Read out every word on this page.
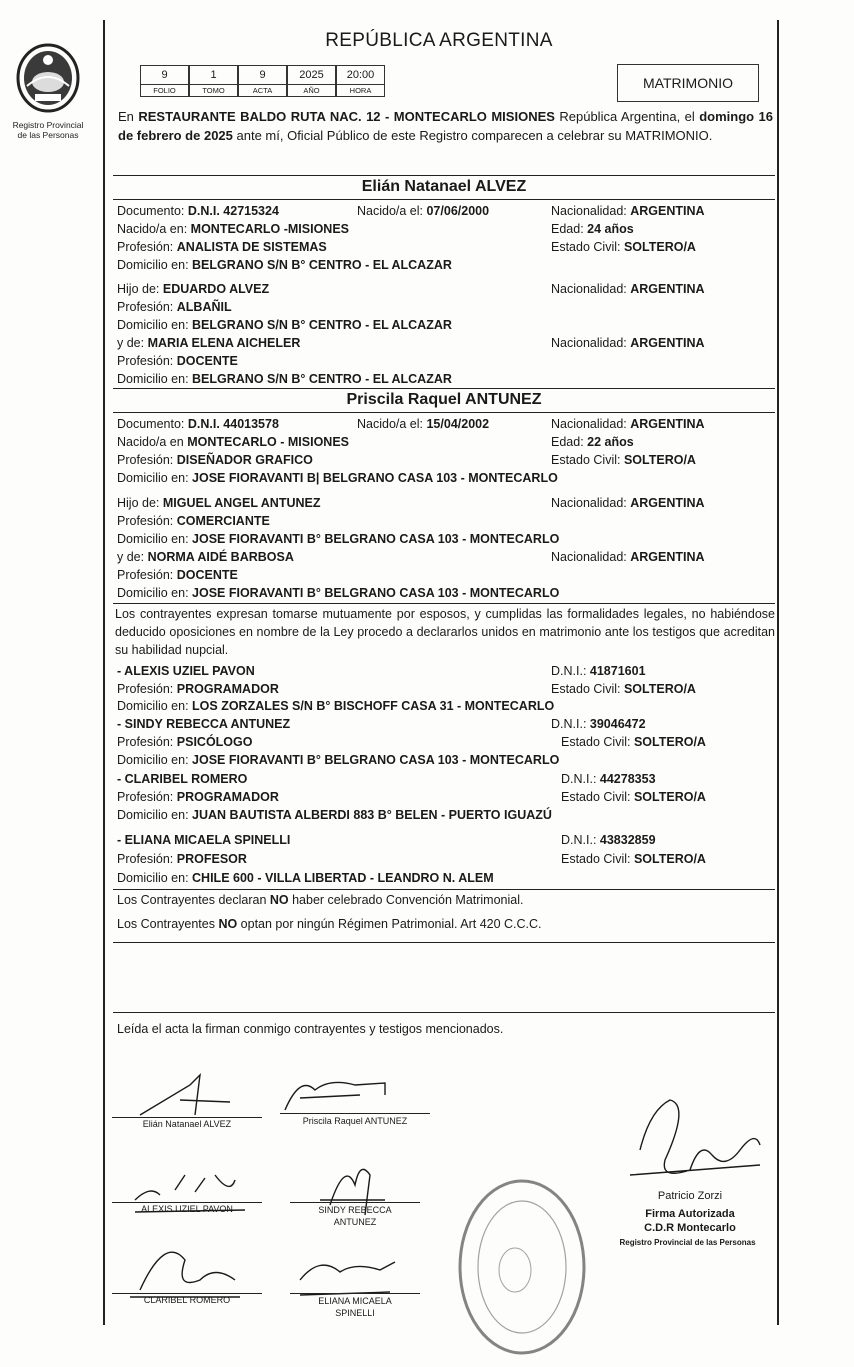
Registro Provincial
de las Personas
REPÚBLICA ARGENTINA
9
FOLIO
1
TOMO
9
ACTA
2025
AÑO
20:00
HORA	MATRIMONIO
En RESTAURANTE BALDO RUTA NAC. 12 - MONTECARLO MISIONES República Argentina, el domingo 16 de febrero de 2025 ante mí, Oficial Público de este Registro comparecen a celebrar su MATRIMONIO.
Elián Natanael ALVEZ
Documento: D.N.I. 42715324	Nacido/a el: 07/06/2000	Nacionalidad: ARGENTINA
Nacido/a en: MONTECARLO -MISIONES	Edad: 24 años
Profesión: ANALISTA DE SISTEMAS	Estado Civil: SOLTERO/A
Domicilio en: BELGRANO S/N B° CENTRO - EL ALCAZAR
Hijo de: EDUARDO ALVEZ	Nacionalidad: ARGENTINA
Profesión: ALBAÑIL
Domicilio en: BELGRANO S/N B° CENTRO - EL ALCAZAR
y de: MARIA ELENA AICHELER	Nacionalidad: ARGENTINA
Profesión: DOCENTE
Domicilio en: BELGRANO S/N B° CENTRO - EL ALCAZAR
Priscila Raquel ANTUNEZ
Documento: D.N.I. 44013578	Nacido/a el: 15/04/2002	Nacionalidad: ARGENTINA
Nacido/a en MONTECARLO - MISIONES	Edad: 22 años
Profesión: DISEÑADOR GRAFICO	Estado Civil: SOLTERO/A
Domicilio en: JOSE FIORAVANTI B| BELGRANO CASA 103 - MONTECARLO
Hijo de: MIGUEL ANGEL ANTUNEZ	Nacionalidad: ARGENTINA
Profesión: COMERCIANTE
Domicilio en: JOSE FIORAVANTI B° BELGRANO CASA 103 - MONTECARLO
y de: NORMA AIDÉ BARBOSA	Nacionalidad: ARGENTINA
Profesión: DOCENTE
Domicilio en: JOSE FIORAVANTI B° BELGRANO CASA 103 - MONTECARLO
Los contrayentes expresan tomarse mutuamente por esposos, y cumplidas las formalidades legales, no habiéndose deducido oposiciones en nombre de la Ley procedo a declararlos unidos en matrimonio ante los testigos que acreditan su habilidad nupcial.
- ALEXIS UZIEL PAVON	D.N.I.: 41871601
Profesión: PROGRAMADOR	Estado Civil: SOLTERO/A
Domicilio en: LOS ZORZALES S/N B° BISCHOFF CASA 31 - MONTECARLO
- SINDY REBECCA ANTUNEZ	D.N.I.: 39046472
Profesión: PSICÓLOGO	Estado Civil: SOLTERO/A
Domicilio en: JOSE FIORAVANTI B° BELGRANO CASA 103 - MONTECARLO
- CLARIBEL ROMERO	D.N.I.: 44278353
Profesión: PROGRAMADOR	Estado Civil: SOLTERO/A
Domicilio en: JUAN BAUTISTA ALBERDI 883 B° BELEN - PUERTO IGUAZÚ
- ELIANA MICAELA SPINELLI	D.N.I.: 43832859
Profesión: PROFESOR	Estado Civil: SOLTERO/A
Domicilio en: CHILE 600 - VILLA LIBERTAD - LEANDRO N. ALEM
Los Contrayentes declaran NO haber celebrado Convención Matrimonial.
Los Contrayentes NO optan por ningún Régimen Patrimonial. Art 420 C.C.C.
Leída el acta la firman conmigo contrayentes y testigos mencionados.
Elián Natanael ALVEZ	Priscila Raquel ANTUNEZ
ALEXIS UZIEL PAVON	SINDY REBECCA
ANTUNEZ
CLARIBEL ROMERO	ELIANA MICAELA
SPINELLI
Patricio Zorzi
Firma Autorizada
C.D.R Montecarlo
Registro Provincial de las Personas
